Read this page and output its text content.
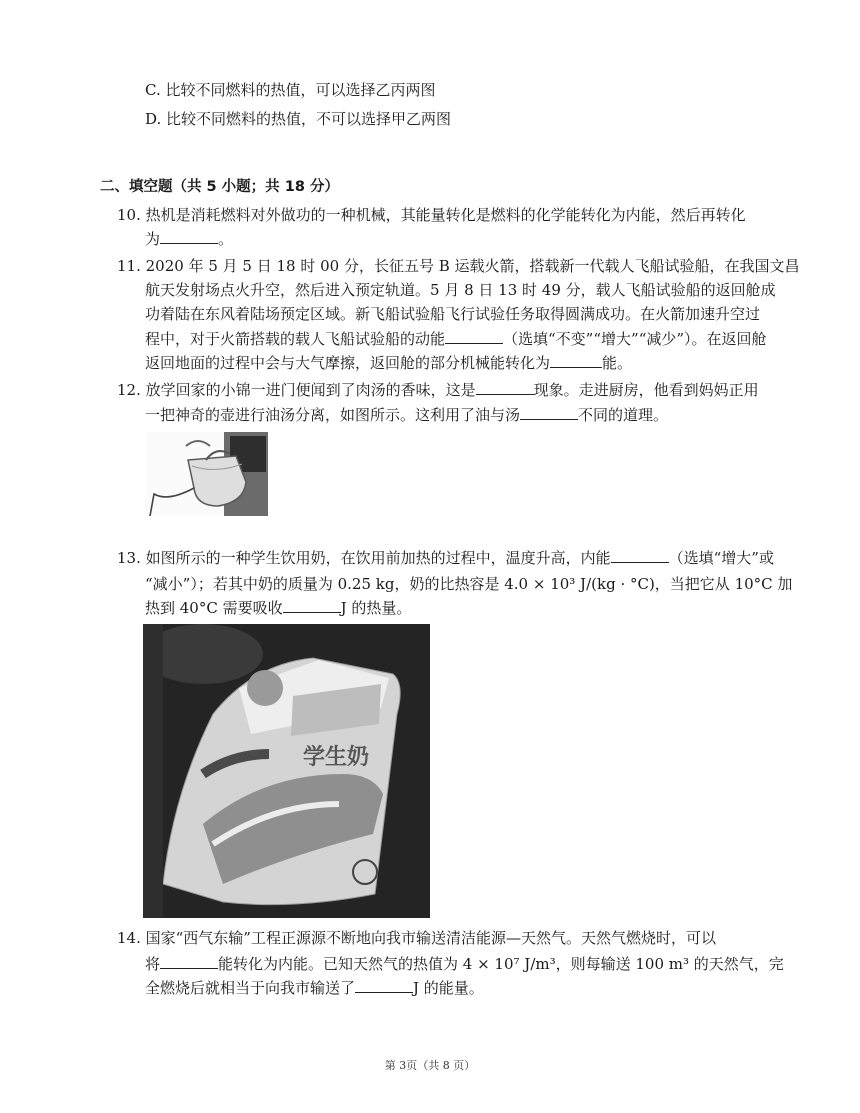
C. 比较不同燃料的热值，可以选择乙丙两图
D. 比较不同燃料的热值，不可以选择甲乙两图
二、填空题（共 5 小题；共 18 分）
10. 热机是消耗燃料对外做功的一种机械，其能量转化是燃料的化学能转化为内能，然后再转化
为	。
11. 2020 年 5 月 5 日 18 时 00 分，长征五号 B 运载火箭，搭载新一代载人飞船试验船，在我国文昌
航天发射场点火升空，然后进入预定轨道。5 月 8 日 13 时 49 分，载人飞船试验船的返回舱成
功着陆在东风着陆场预定区域。新飞船试验船飞行试验任务取得圆满成功。在火箭加速升空过
程中，对于火箭搭载的载人飞船试验船的动能	（选填“不变”“增大”“减少”）。在返回舱
返回地面的过程中会与大气摩擦，返回舱的部分机械能转化为	能。
12. 放学回家的小锦一进门便闻到了肉汤的香味，这是	现象。走进厨房，他看到妈妈正用
一把神奇的壶进行油汤分离，如图所示。这利用了油与汤	不同的道理。
13. 如图所示的一种学生饮用奶，在饮用前加热的过程中，温度升高，内能	（选填“增大”或
“减小”）；若其中奶的质量为 0.25 kg，奶的比热容是 4.0 × 10³ J/(kg · °C)，当把它从 10°C 加
热到 40°C 需要吸收	J 的热量。
学生奶
14. 国家“西气东输”工程正源源不断地向我市输送清洁能源—天然气。天然气燃烧时，可以
将	能转化为内能。已知天然气的热值为 4 × 10⁷ J/m³，则每输送 100 m³ 的天然气，完
全燃烧后就相当于向我市输送了	J 的能量。
第 3页（共 8 页）
